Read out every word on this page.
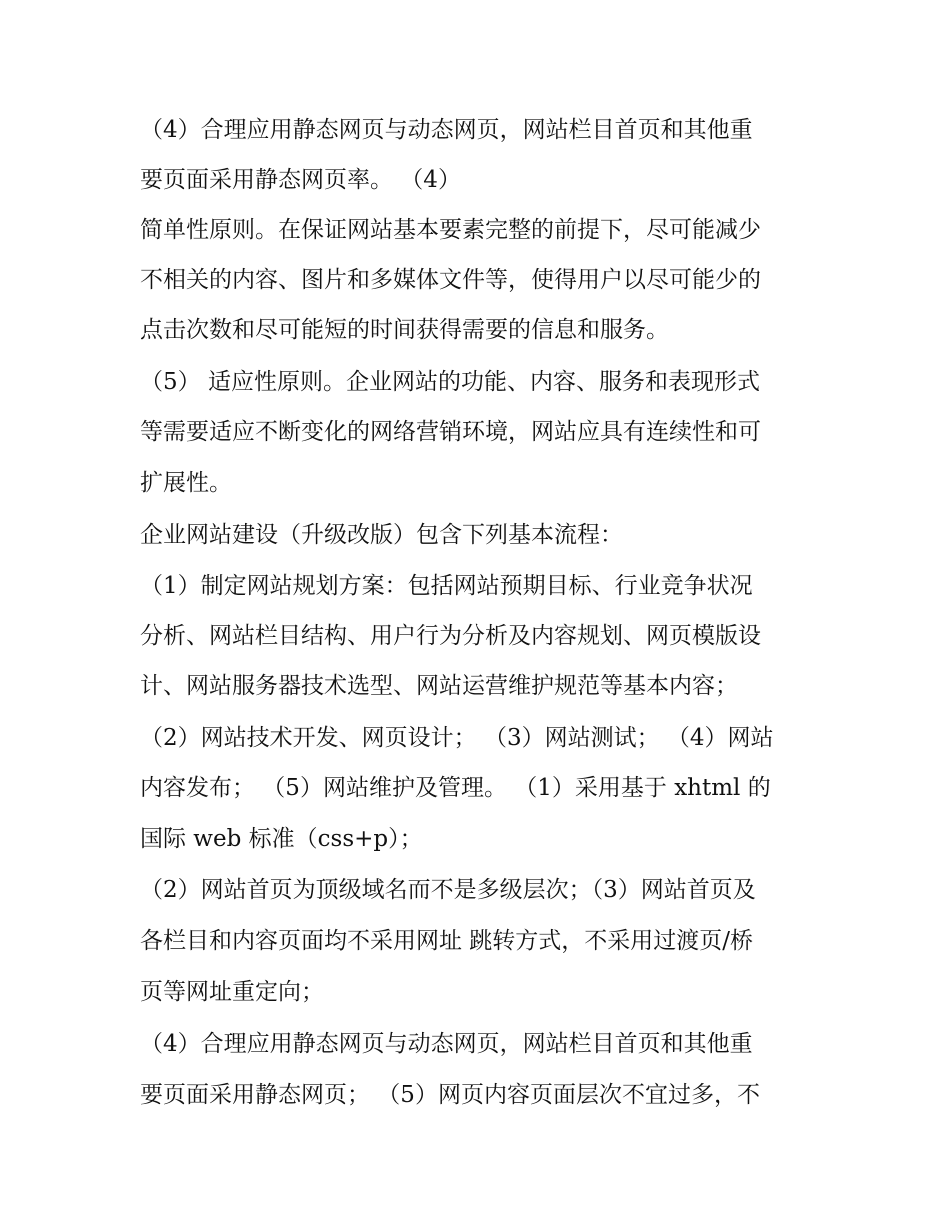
（4）合理应用静态网页与动态网页，网站栏目首页和其他重
要页面采用静态网页率。 （4）
简单性原则。在保证网站基本要素完整的前提下，尽可能减少
不相关的内容、图片和多媒体文件等，使得用户以尽可能少的
点击次数和尽可能短的时间获得需要的信息和服务。
（5） 适应性原则。企业网站的功能、内容、服务和表现形式
等需要适应不断变化的网络营销环境，网站应具有连续性和可
扩展性。
企业网站建设（升级改版）包含下列基本流程：
（1）制定网站规划方案：包括网站预期目标、行业竞争状况
分析、网站栏目结构、用户行为分析及内容规划、网页模版设
计、网站服务器技术选型、网站运营维护规范等基本内容；
（2）网站技术开发、网页设计； （3）网站测试； （4）网站
内容发布； （5）网站维护及管理。 （1）采用基于 xhtml 的
国际 web 标准（css+p）；
（2）网站首页为顶级域名而不是多级层次；（3）网站首页及
各栏目和内容页面均不采用网址 跳转方式，不采用过渡页/桥
页等网址重定向；
（4）合理应用静态网页与动态网页，网站栏目首页和其他重
要页面采用静态网页； （5）网页内容页面层次不宜过多，不
